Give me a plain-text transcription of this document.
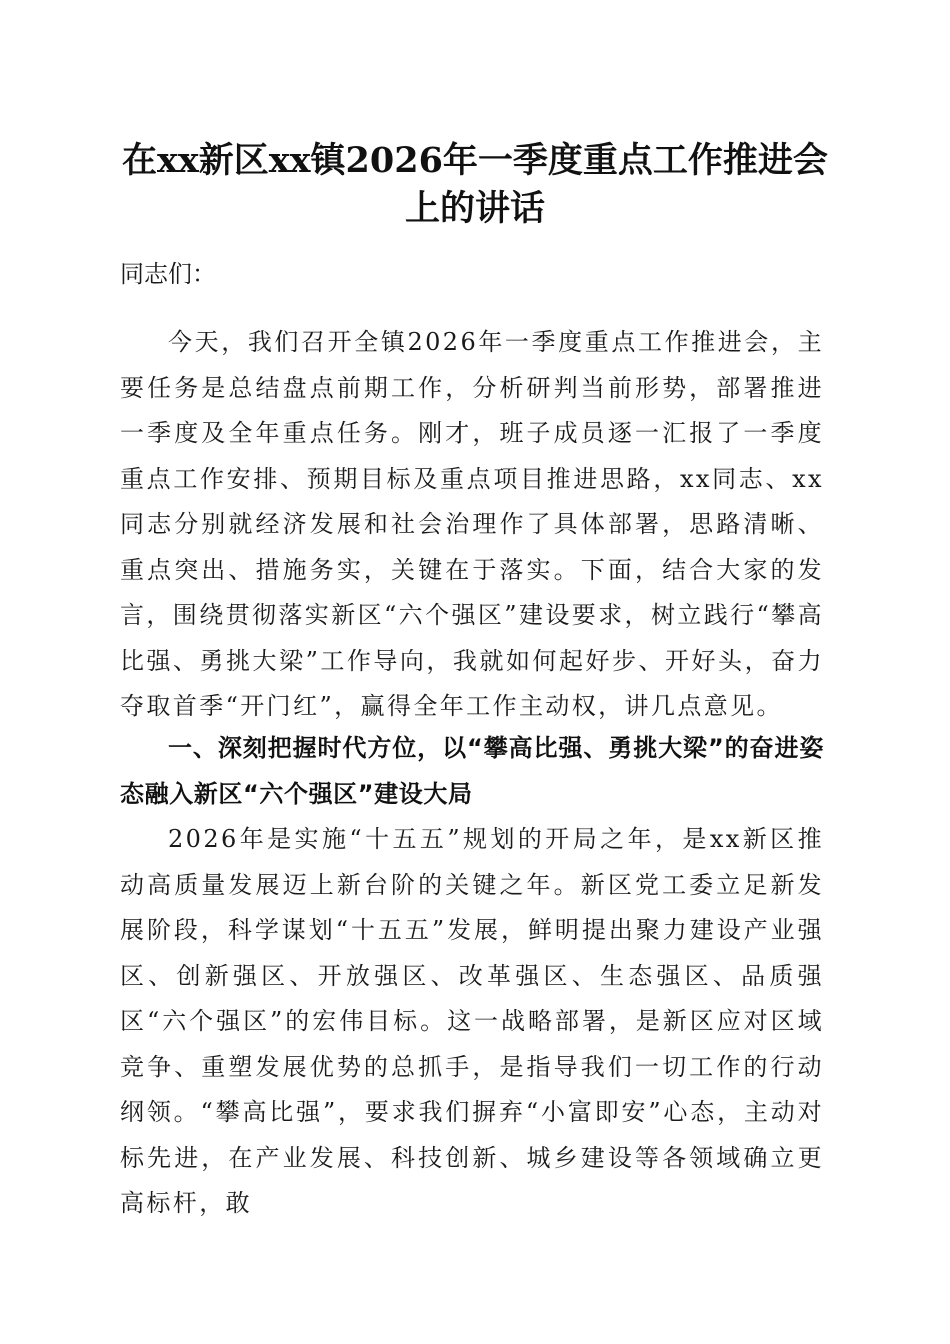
在xx新区xx镇2026年一季度重点工作推进会上的讲话
同志们：

今天，我们召开全镇2026年一季度重点工作推进会，主要任务是总结盘点前期工作，分析研判当前形势，部署推进一季度及全年重点任务。刚才，班子成员逐一汇报了一季度重点工作安排、预期目标及重点项目推进思路，xx同志、xx同志分别就经济发展和社会治理作了具体部署，思路清晰、重点突出、措施务实，关键在于落实。下面，结合大家的发言，围绕贯彻落实新区“六个强区”建设要求，树立践行“攀高比强、勇挑大梁”工作导向，我就如何起好步、开好头，奋力夺取首季“开门红”，赢得全年工作主动权，讲几点意见。

一、深刻把握时代方位，以“攀高比强、勇挑大梁”的奋进姿态融入新区“六个强区”建设大局

2026年是实施“十五五”规划的开局之年，是xx新区推动高质量发展迈上新台阶的关键之年。新区党工委立足新发展阶段，科学谋划“十五五”发展，鲜明提出聚力建设产业强区、创新强区、开放强区、改革强区、生态强区、品质强区“六个强区”的宏伟目标。这一战略部署，是新区应对区域竞争、重塑发展优势的总抓手，是指导我们一切工作的行动纲领。“攀高比强”，要求我们摒弃“小富即安”心态，主动对标先进，在产业发展、科技创新、城乡建设等各领域确立更高标杆，敢
